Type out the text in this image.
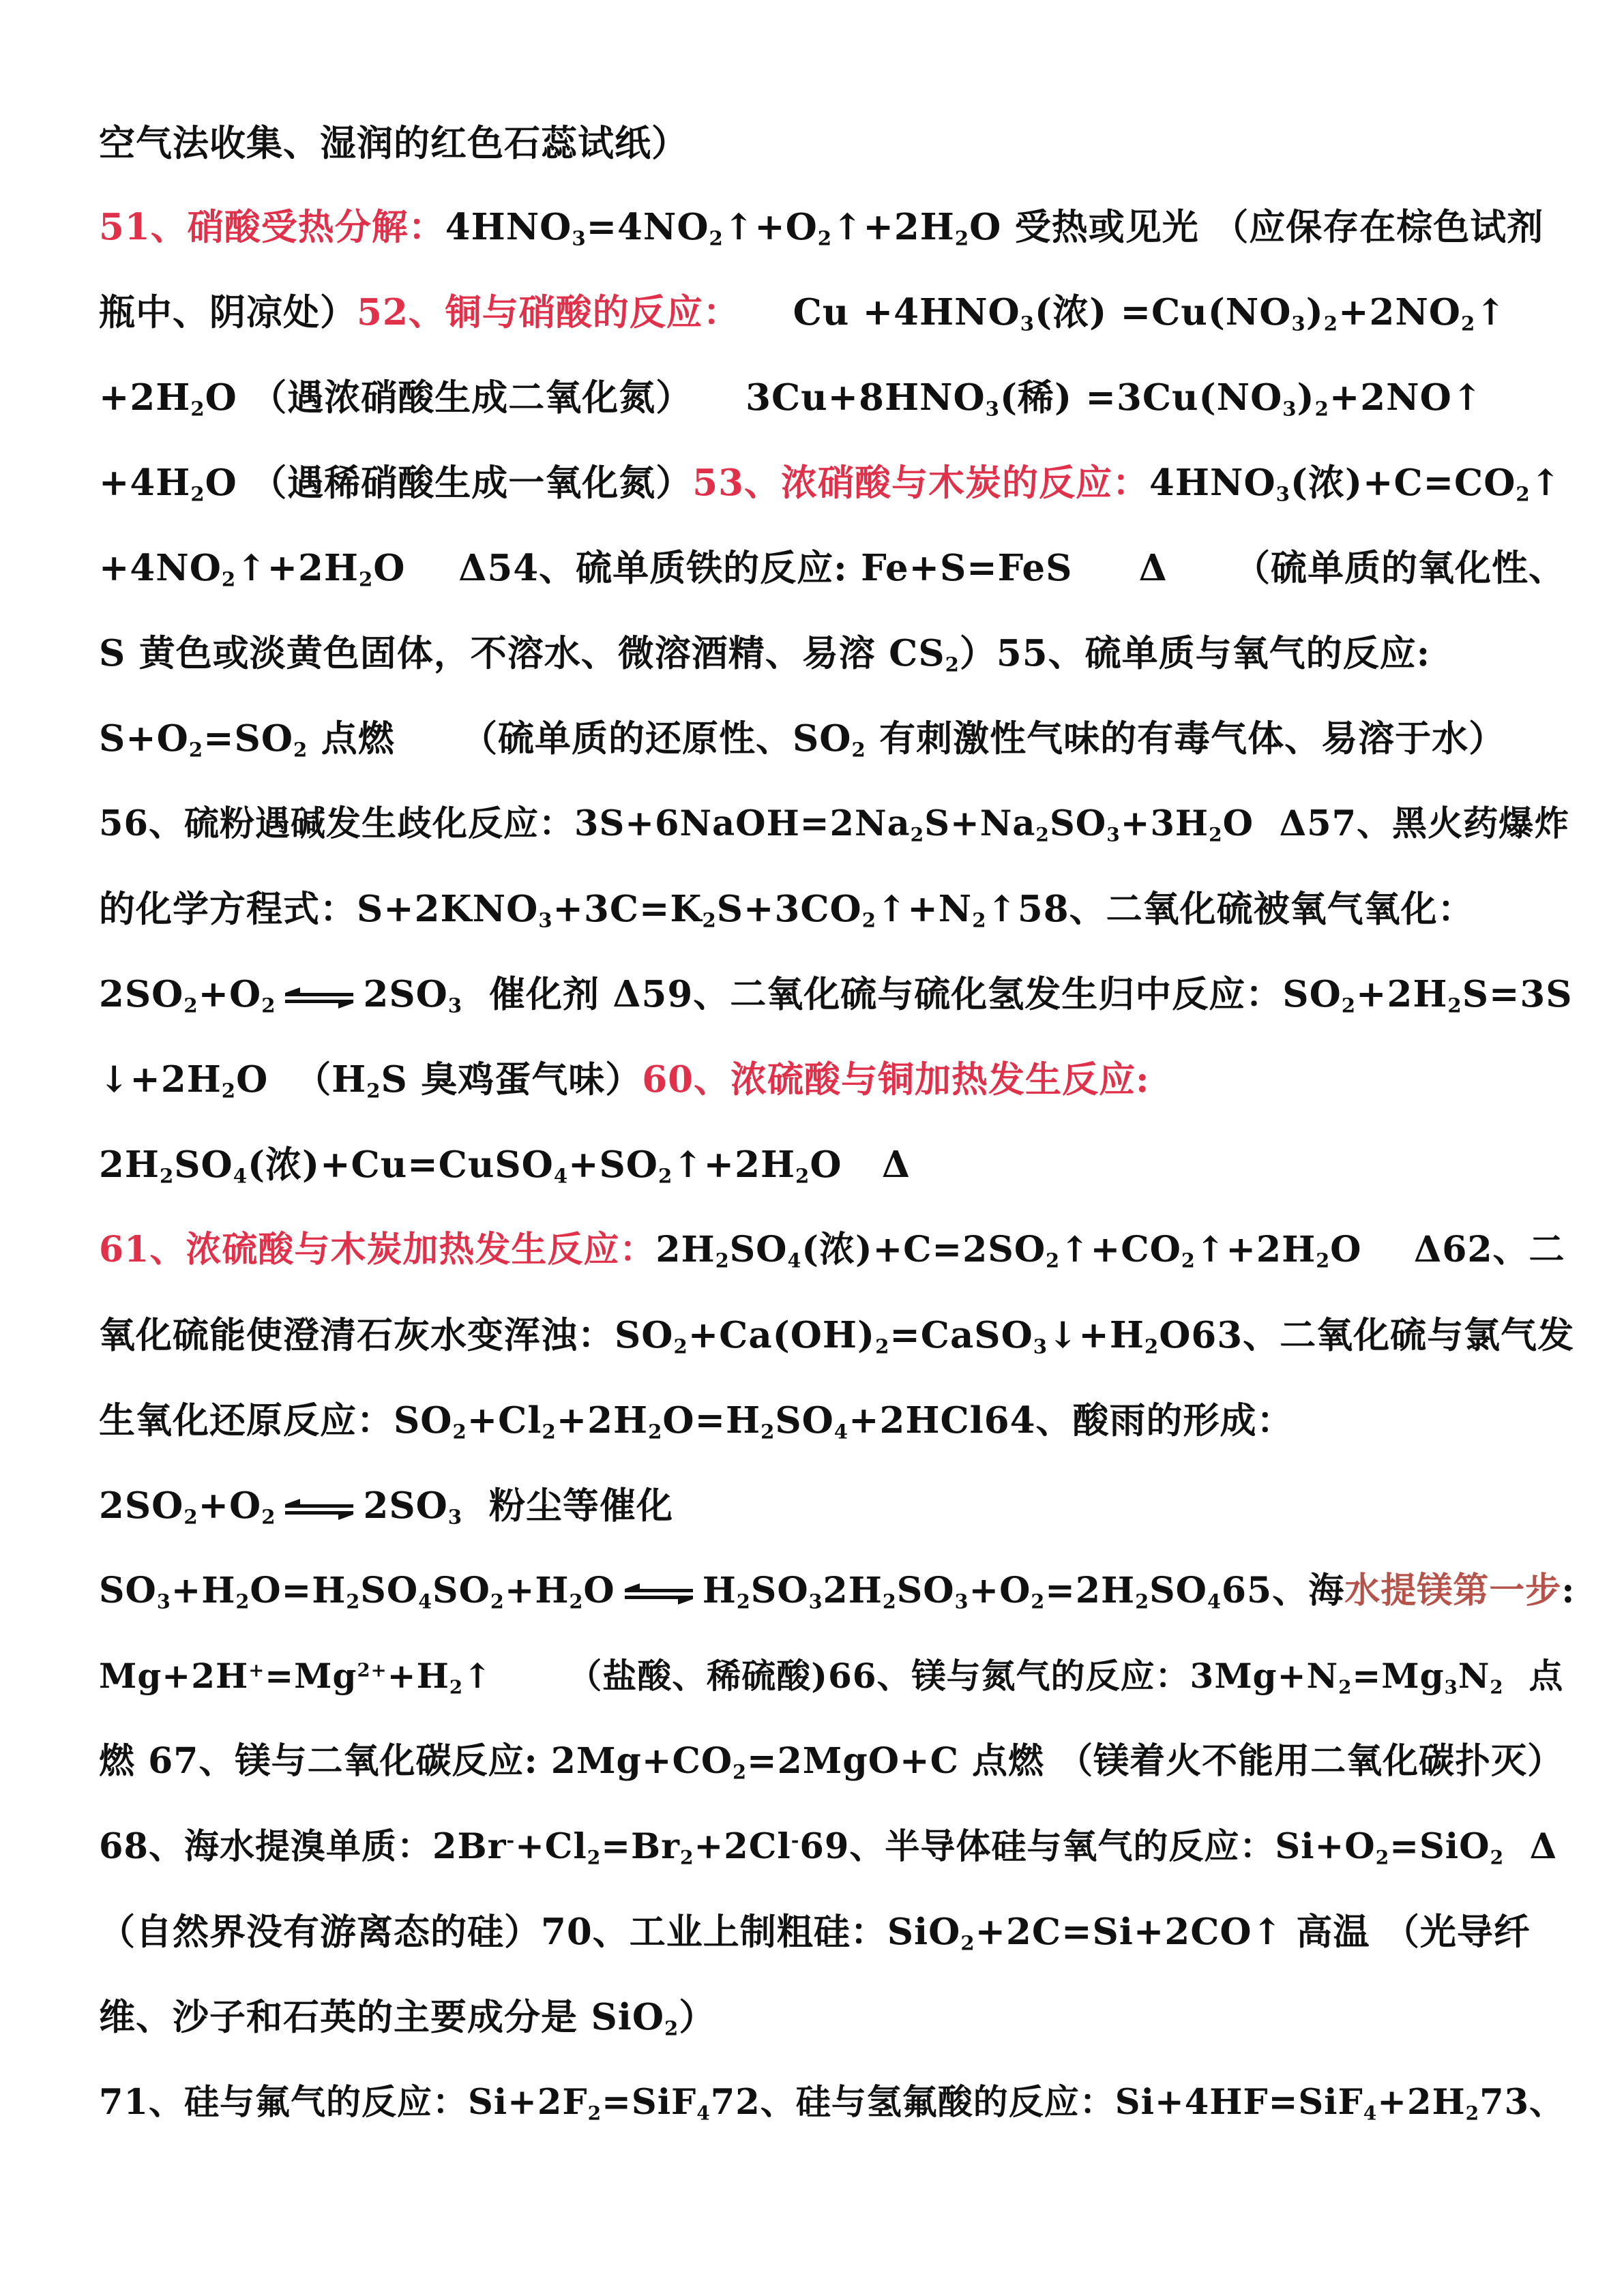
空气法收集、湿润的红色石蕊试纸）
51、硝酸受热分解：$4HNO_3=4NO_2↑+O_2↑+2H_2O$ 受热或见光 （应保存在棕色试剂
瓶中、阴凉处）52、铜与硝酸的反应：    $Cu +4HNO_3$(浓) $=Cu(NO_3)_2+2NO_2↑$
$+2H_2O$ （遇浓硝酸生成二氧化氮）    $3Cu+8HNO_3$(稀) $=3Cu(NO_3)_2+2NO↑$
$+4H_2O$ （遇稀硝酸生成一氧化氮）53、浓硝酸与木炭的反应：$4HNO_3$(浓)$+C=CO_2↑$
$+4NO_2↑+2H_2O$    Δ54、硫单质铁的反应: Fe+S=FeS     Δ     （硫单质的氧化性、
S 黄色或淡黄色固体，不溶水、微溶酒精、易溶 $CS_2)55$、硫单质与氧气的反应:
$S+O_2=SO_2$ 点燃     （硫单质的还原性、$SO_2$ 有刺激性气味的有毒气体、易溶于水）
56、硫粉遇碱发生歧化反应：$3S+6NaOH=2Na_2S+Na_2SO_3+3H_2O$  Δ57、黑火药爆炸
的化学方程式：$S+2KNO_3+3C=K_2S+3CO_2↑+N_2↑58$、二氧化硫被氧气氧化：
$2SO_2+O_2$ $2SO_3$  催化剂 Δ59、二氧化硫与硫化氢发生归中反应：$SO_2+2H_2S=3S$
$↓+2H_2O$  （$H_2S$ 臭鸡蛋气味）60、浓硫酸与铜加热发生反应:
$2H_2SO_4$(浓)$+Cu=CuSO_4+SO_2↑+2H_2O$   Δ
61、浓硫酸与木炭加热发生反应：$2H_2SO_4$(浓)$+C=2SO_2↑+CO_2↑+2H_2O$    Δ62、二
氧化硫能使澄清石灰水变浑浊：$SO_2+Ca(OH)_2=CaSO_3↓+H_2O63$、二氧化硫与氯气发
生氧化还原反应：$SO_2+Cl_2+2H_2O=H_2SO_4+2HCl64$、酸雨的形成：
$2SO_2+O_2$ $2SO_3$  粉尘等催化
$SO_3+H_2O=H_2SO_4SO_2+H_2O$ $H_2SO_32H_2SO_3+O_2=2H_2SO_465$、海水提镁第一步:
$Mg+2H^+=Mg^{2+}+H_2↑$      （盐酸、稀硫酸)66、镁与氮气的反应：$3Mg+N_2=Mg_3N_2$  点
燃 67、镁与二氧化碳反应: $2Mg+CO_2=2MgO+C$ 点燃 （镁着火不能用二氧化碳扑灭）
68、海水提溴单质：$2Br^-+Cl_2=Br_2+2Cl^-69$、半导体硅与氧气的反应：$Si+O_2=SiO_2$  Δ
（自然界没有游离态的硅）70、工业上制粗硅：SiO$_2$+2C=Si+2CO↑ 高温 （光导纤
维、沙子和石英的主要成分是 SiO$_2$）
71、硅与氟气的反应：$Si+2F_2=SiF_472$、硅与氢氟酸的反应：$Si+4HF=SiF_4+2H_273$、
